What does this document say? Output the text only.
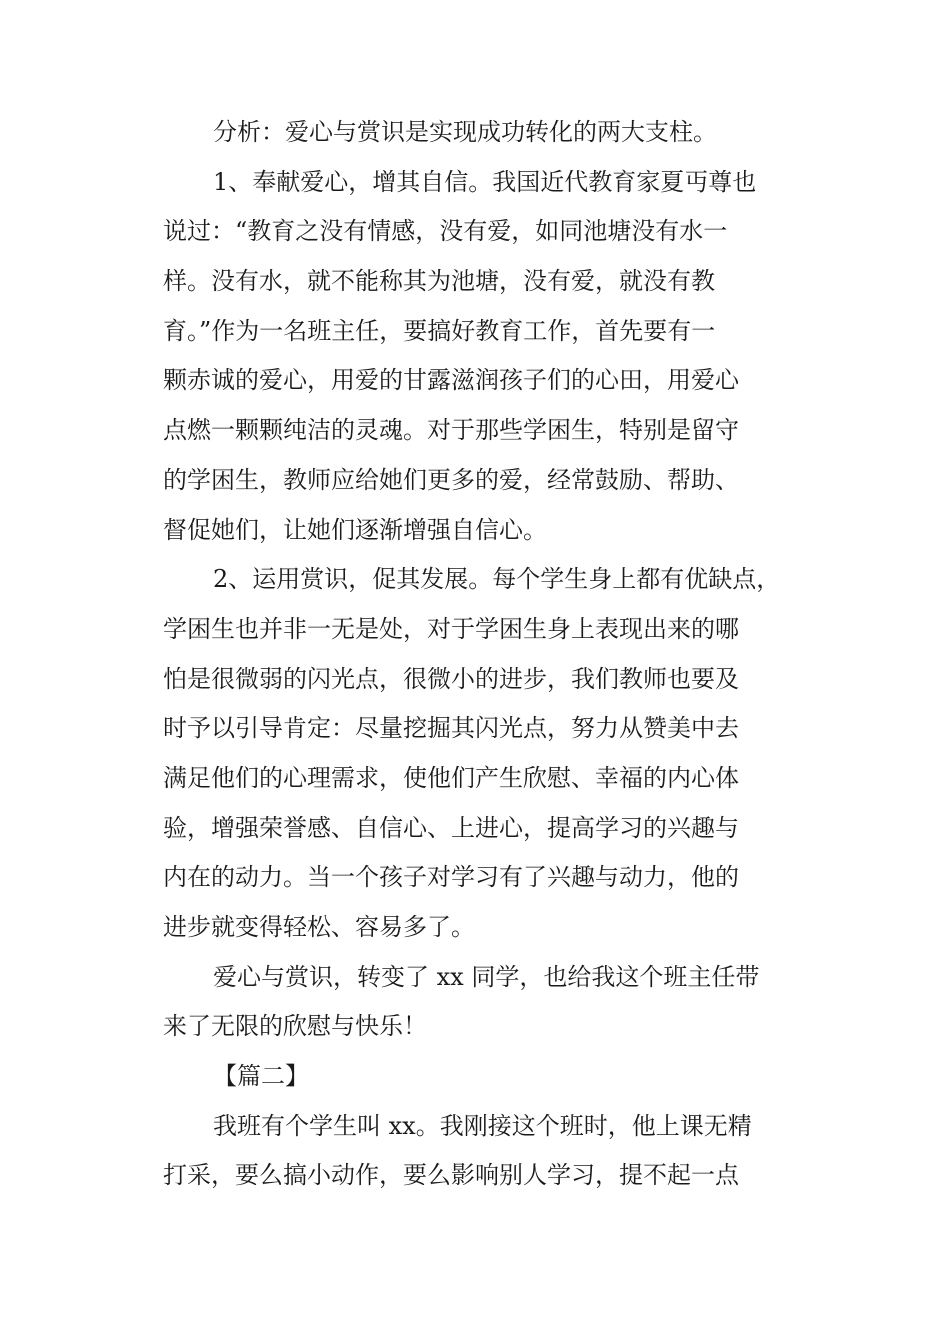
分析：爱心与赏识是实现成功转化的两大支柱。
1、奉献爱心，增其自信。我国近代教育家夏丏尊也
说过：“教育之没有情感，没有爱，如同池塘没有水一
样。没有水，就不能称其为池塘，没有爱，就没有教
育。”作为一名班主任，要搞好教育工作，首先要有一
颗赤诚的爱心，用爱的甘露滋润孩子们的心田，用爱心
点燃一颗颗纯洁的灵魂。对于那些学困生，特别是留守
的学困生，教师应给她们更多的爱，经常鼓励、帮助、
督促她们，让她们逐渐增强自信心。
2、运用赏识，促其发展。每个学生身上都有优缺点，
学困生也并非一无是处，对于学困生身上表现出来的哪
怕是很微弱的闪光点，很微小的进步，我们教师也要及
时予以引导肯定：尽量挖掘其闪光点，努力从赞美中去
满足他们的心理需求，使他们产生欣慰、幸福的内心体
验，增强荣誉感、自信心、上进心，提高学习的兴趣与
内在的动力。当一个孩子对学习有了兴趣与动力，他的
进步就变得轻松、容易多了。
爱心与赏识，转变了 xx 同学，也给我这个班主任带
来了无限的欣慰与快乐！
【篇二】
我班有个学生叫 xx。我刚接这个班时，他上课无精
打采，要么搞小动作，要么影响别人学习，提不起一点
